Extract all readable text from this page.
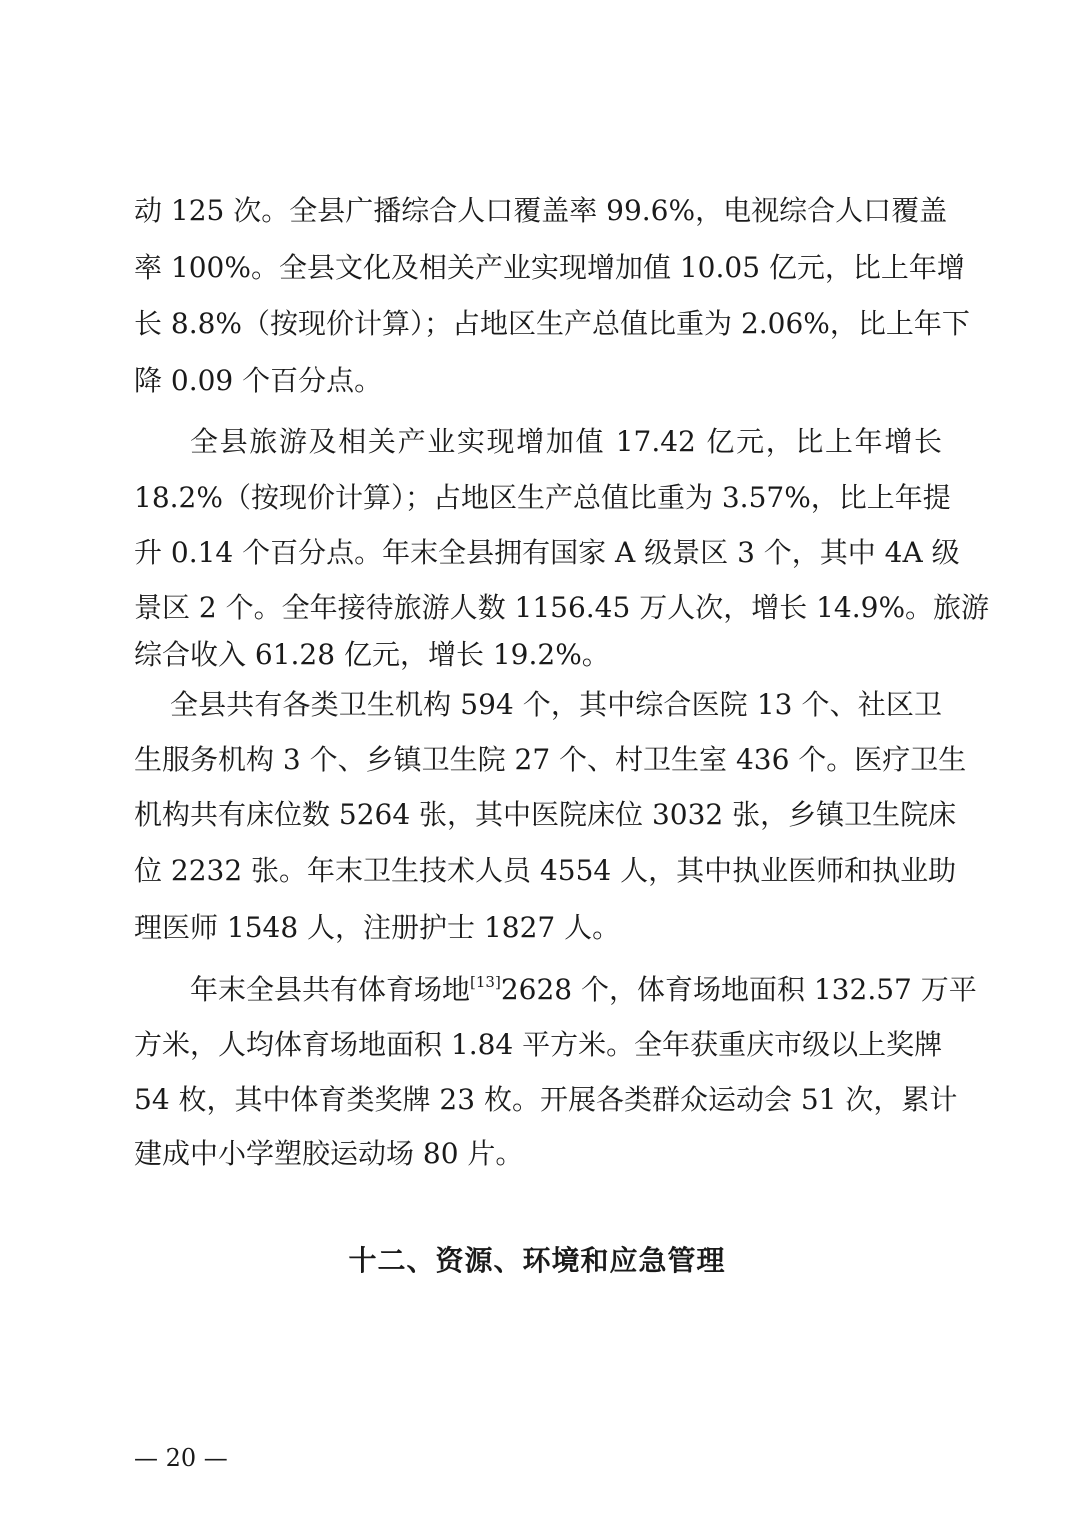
动 125 次。全县广播综合人口覆盖率 99.6%，电视综合人口覆盖
率 100%。全县文化及相关产业实现增加值 10.05 亿元，比上年增
长 8.8%（按现价计算）；占地区生产总值比重为 2.06%，比上年下
降 0.09 个百分点。
全县旅游及相关产业实现增加值 17.42 亿元，比上年增长
18.2%（按现价计算）；占地区生产总值比重为 3.57%，比上年提
升 0.14 个百分点。年末全县拥有国家 A 级景区 3 个，其中 4A 级
景区 2 个。全年接待旅游人数 1156.45 万人次，增长 14.9%。旅游
综合收入 61.28 亿元，增长 19.2%。
全县共有各类卫生机构 594 个，其中综合医院 13 个、社区卫
生服务机构 3 个、乡镇卫生院 27 个、村卫生室 436 个。医疗卫生
机构共有床位数 5264 张，其中医院床位 3032 张，乡镇卫生院床
位 2232 张。年末卫生技术人员 4554 人，其中执业医师和执业助
理医师 1548 人，注册护士 1827 人。
年末全县共有体育场地[13]2628 个，体育场地面积 132.57 万平
方米，人均体育场地面积 1.84 平方米。全年获重庆市级以上奖牌
54 枚，其中体育类奖牌 23 枚。开展各类群众运动会 51 次，累计
建成中小学塑胶运动场 80 片。
十二、资源、环境和应急管理
— 20 —
